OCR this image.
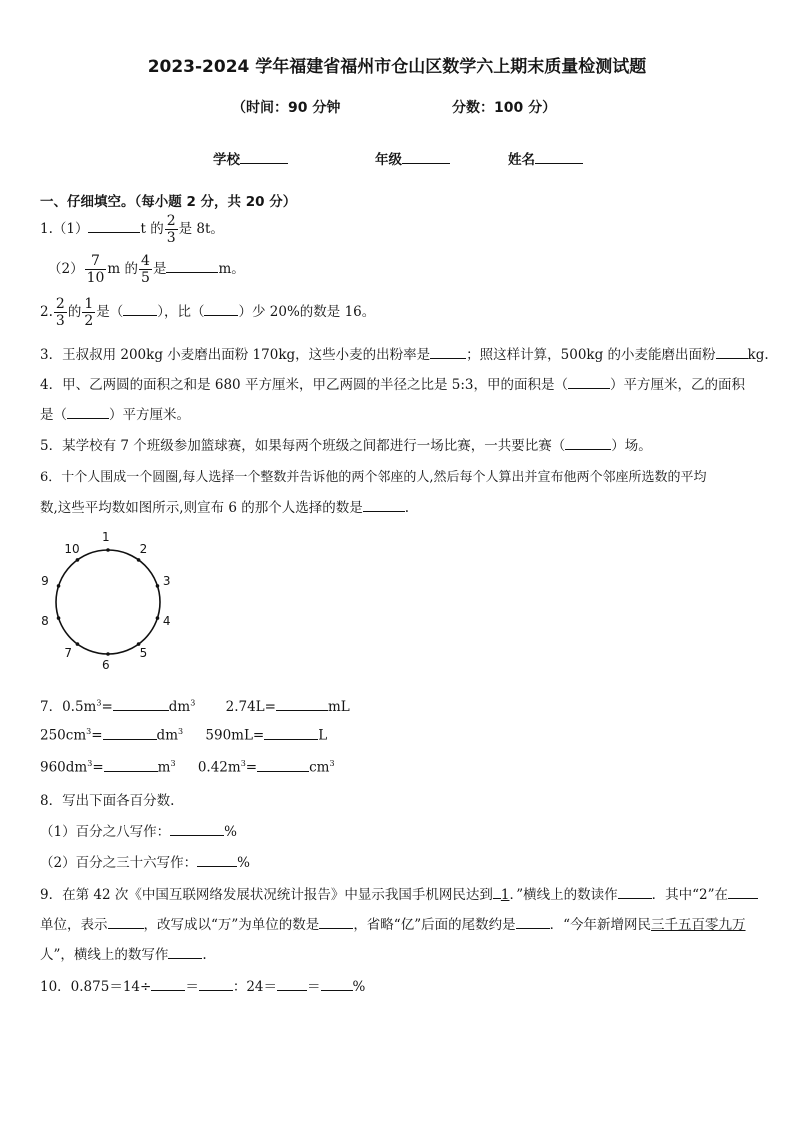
2023-2024 学年福建省福州市仓山区数学六上期末质量检测试题
（时间：90 分钟	分数：100 分）
学校	年级	姓名
一、仔细填空。（每小题 2 分，共 20 分）
1.（1）	t 的 $\frac{2}{3}$ 是 8t。
$(2) \frac{7}{10}$ m 的 $\frac{4}{5}$ 是	m。
2. $\frac{2}{3}$ 的 $\frac{1}{2}$ 是（	），比（	）少 20%的数是 16。
3．王叔叔用 200kg 小麦磨出面粉 170kg，这些小麦的出粉率是	；照这样计算，500kg 的小麦能磨出面粉 kg.
4．甲、乙两圆的面积之和是 680 平方厘米，甲乙两圆的半径之比是 5:3，甲的面积是（	）平方厘米，乙的面积
是（	）平方厘米。
5．某学校有 7 个班级参加篮球赛，如果每两个班级之间都进行一场比赛，一共要比赛（	）场。
6．十个人围成一个圆圈,每人选择一个整数并告诉他的两个邻座的人,然后每个人算出并宣布他两个邻座所选数的平均
数,这些平均数如图所示,则宣布 6 的那个人选择的数是	.
1
2
3
4
5
6
7
8
9
10
7．$0.5m^3=$	$dm^3$ 2.74L=	mL
$250cm^3=$	$dm^3$ 590mL=	L
$960dm^3=$	$m^3$ $0.42m^3=$	$cm^3$
8．写出下面各百分数.
（1）百分之八写作：	%
（2）百分之三十六写作：	%
9．在第 42 次《中国互联网络发展状况统计报告》中显示我国手机网民达到 1．”横线上的数读作	．其中“2”在
单位，表示	，改写成以“万”为单位的数是	，省略“亿”后面的尾数约是	．“今年新增网民三千五百零九万
人”，横线上的数写作	.
10．0.875＝14÷	＝	：24＝ ＝ %
